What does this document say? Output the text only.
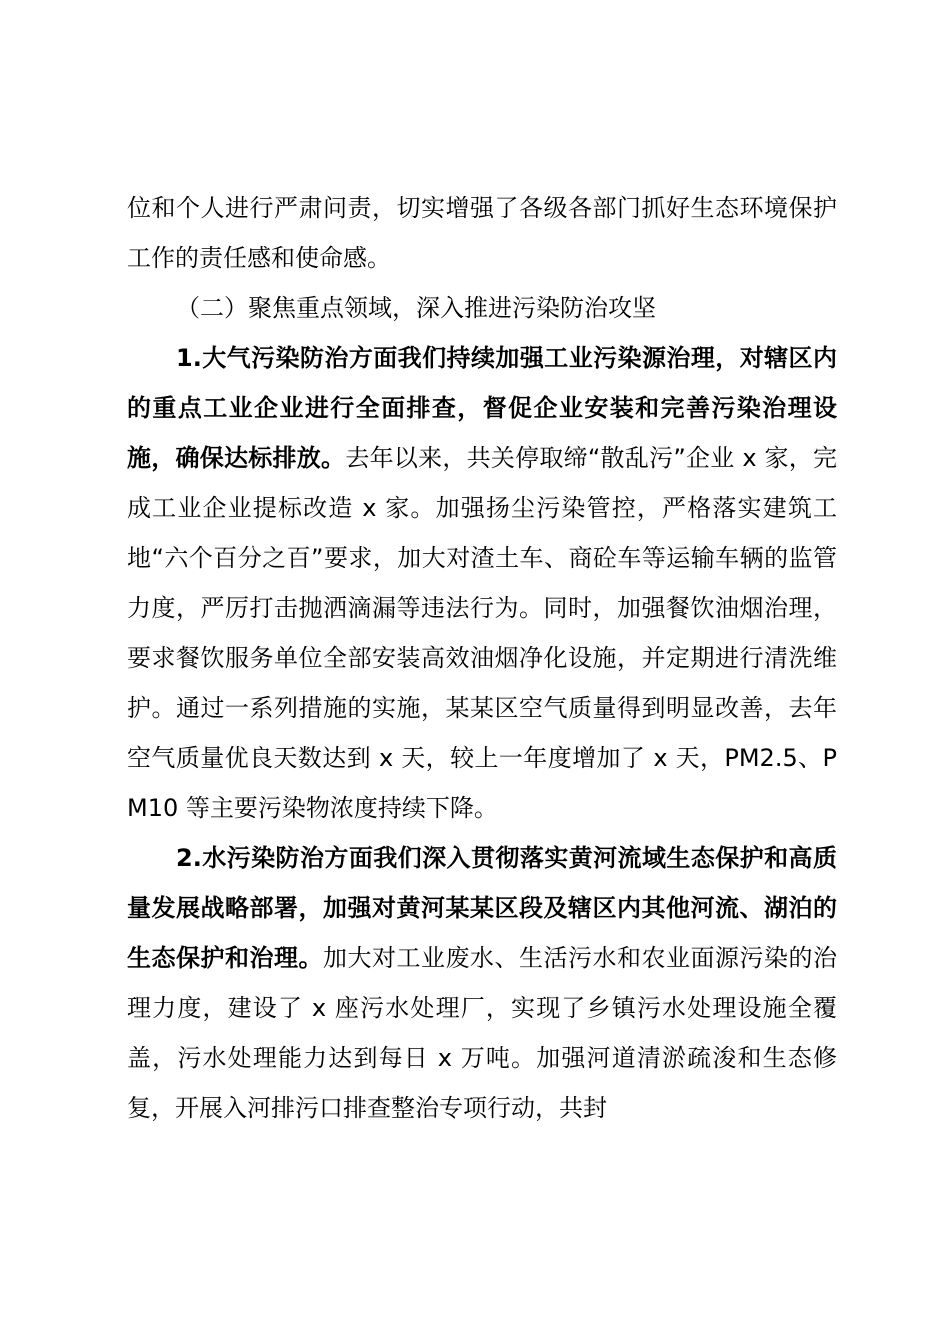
位和个人进行严肃问责，切实增强了各级各部门抓好生态环境保护工作的责任感和使命感。

（二）聚焦重点领域，深入推进污染防治攻坚

1.大气污染防治方面我们持续加强工业污染源治理，对辖区内的重点工业企业进行全面排查，督促企业安装和完善污染治理设施，确保达标排放。去年以来，共关停取缔“散乱污”企业 x 家，完成工业企业提标改造 x 家。加强扬尘污染管控，严格落实建筑工地“六个百分之百”要求，加大对渣土车、商砼车等运输车辆的监管力度，严厉打击抛洒滴漏等违法行为。同时，加强餐饮油烟治理，要求餐饮服务单位全部安装高效油烟净化设施，并定期进行清洗维护。通过一系列措施的实施，某某区空气质量得到明显改善，去年空气质量优良天数达到 x 天，较上一年度增加了 x 天，PM2.5、PM10 等主要污染物浓度持续下降。

2.水污染防治方面我们深入贯彻落实黄河流域生态保护和高质量发展战略部署，加强对黄河某某区段及辖区内其他河流、湖泊的生态保护和治理。加大对工业废水、生活污水和农业面源污染的治理力度，建设了 x 座污水处理厂，实现了乡镇污水处理设施全覆盖，污水处理能力达到每日 x 万吨。加强河道清淤疏浚和生态修复，开展入河排污口排查整治专项行动，共封
